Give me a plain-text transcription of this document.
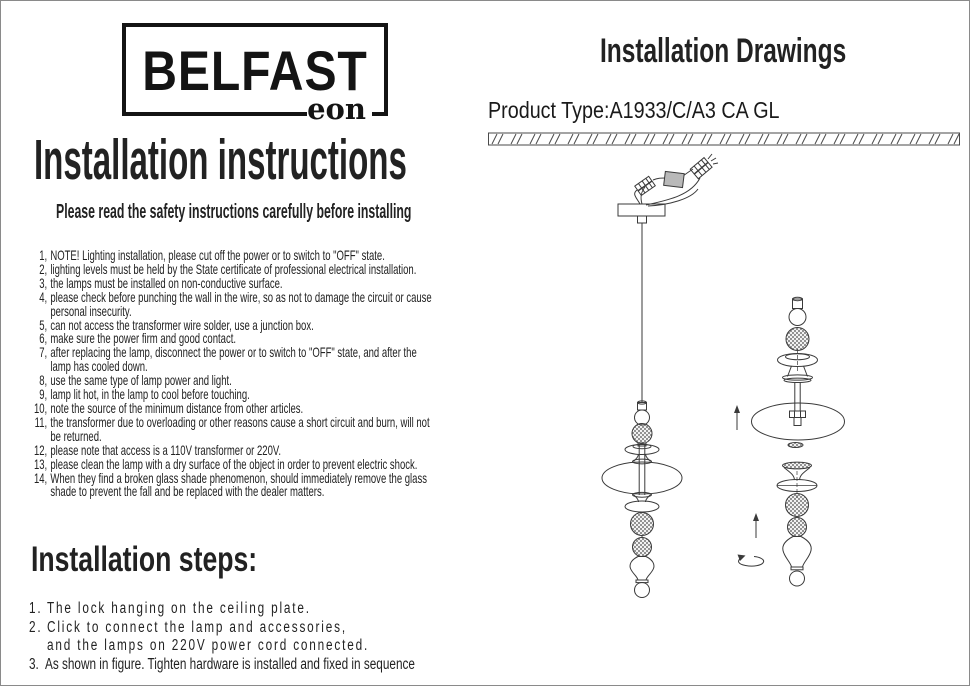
BELFAST
eon
Installation instructions
Please read the safety instructions carefully before installing
1, NOTE! Lighting installation, please cut off the power or to switch to "OFF" state.
2, lighting levels must be held by the State certificate of professional electrical installation.
3, the lamps must be installed on non-conductive surface.
4, please check before punching the wall in the wire, so as not to damage the circuit or cause
personal insecurity.
5, can not access the transformer wire solder, use a junction box.
6, make sure the power firm and good contact.
7, after replacing the lamp, disconnect the power or to switch to "OFF" state, and after the
lamp has cooled down.
8, use the same type of lamp power and light.
9, lamp lit hot, in the lamp to cool before touching.
10, note the source of the minimum distance from other articles.
11, the transformer due to overloading or other reasons cause a short circuit and burn, will not
be returned.
12, please note that access is a 110V transformer or 220V.
13, please clean the lamp with a dry surface of the object in order to prevent electric shock.
14, When they find a broken glass shade phenomenon, should immediately remove the glass
shade to prevent the fall and be replaced with the dealer matters.
Installation steps:
1. The lock hanging on the ceiling plate.
2. Click to connect the lamp and accessories,
and the lamps on 220V power cord connected.
3. As shown in figure. Tighten hardware is installed and fixed in sequence
Installation Drawings
Product Type:A1933/C/A3 CA GL
